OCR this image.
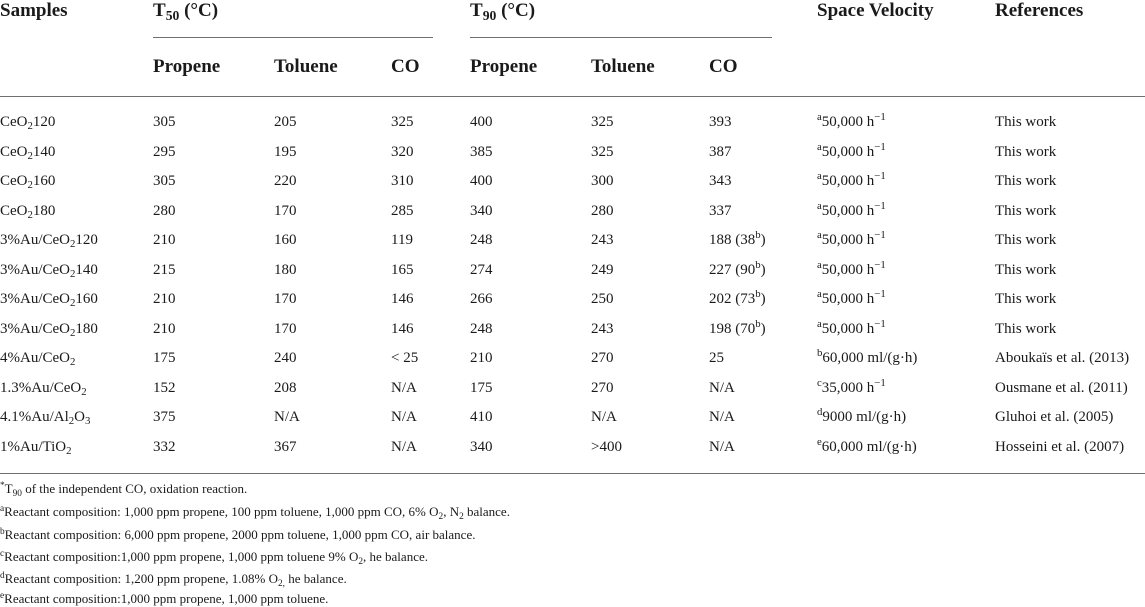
Samples	$T_{50}$ (°C)	$T_{90}$ (°C)	Space Velocity	References
Propene	Toluene	CO	Propene	Toluene	CO
CeO$_2$120	305	205	325	400	325	393	$^a$50,000 $h^{-1}$	This work
CeO$_2$140	295	195	320	385	325	387	$^a$50,000 $h^{-1}$	This work
CeO$_2$160	305	220	310	400	300	343	$^a$50,000 $h^{-1}$	This work
CeO$_2$180	280	170	285	340	280	337	$^a$50,000 $h^{-1}$	This work
3%Au/CeO$_2$120	210	160	119	248	243	188 (38$^b$)	$^a$50,000 $h^{-1}$	This work
3%Au/CeO$_2$140	215	180	165	274	249	227 (90$^b$)	$^a$50,000 $h^{-1}$	This work
3%Au/CeO$_2$160	210	170	146	266	250	202 (73$^b$)	$^a$50,000 $h^{-1}$	This work
3%Au/CeO$_2$180	210	170	146	248	243	198 (70$^b$)	$^a$50,000 $h^{-1}$	This work
4%Au/CeO$_2$	175	240	< 25	210	270	25	$^b$60,000 ml/(g·h)	Aboukaïs et al. (2013)
1.3%Au/CeO$_2$	152	208	N/A	175	270	N/A	$^c$35,000 $h^{-1}$	Ousmane et al. (2011)
$4.1\%Au/Al_2O_3$	375	N/A	N/A	410	N/A	N/A	$^d$9000 ml/(g·h)	Gluhoi et al. (2005)
1%Au/TiO$_2$	332	367	N/A	340	>400	N/A	$^e$60,000 ml/(g·h)	Hosseini et al. (2007)
$^*T_{90}$ of the independent CO, oxidation reaction.
$^a$Reactant composition: 1,000 ppm propene, 100 ppm toluene, 1,000 ppm CO, 6% $O_2$, $N_2$ balance.
$^b$Reactant composition: 6,000 ppm propene, 2000 ppm toluene, 1,000 ppm CO, air balance.
$^c$Reactant composition:1,000 ppm propene, 1,000 ppm toluene 9% $O_2$, he balance.
$^d$Reactant composition: 1,200 ppm propene, 1.08% $O_{2,}$ he balance.
$^e$Reactant composition:1,000 ppm propene, 1,000 ppm toluene.
